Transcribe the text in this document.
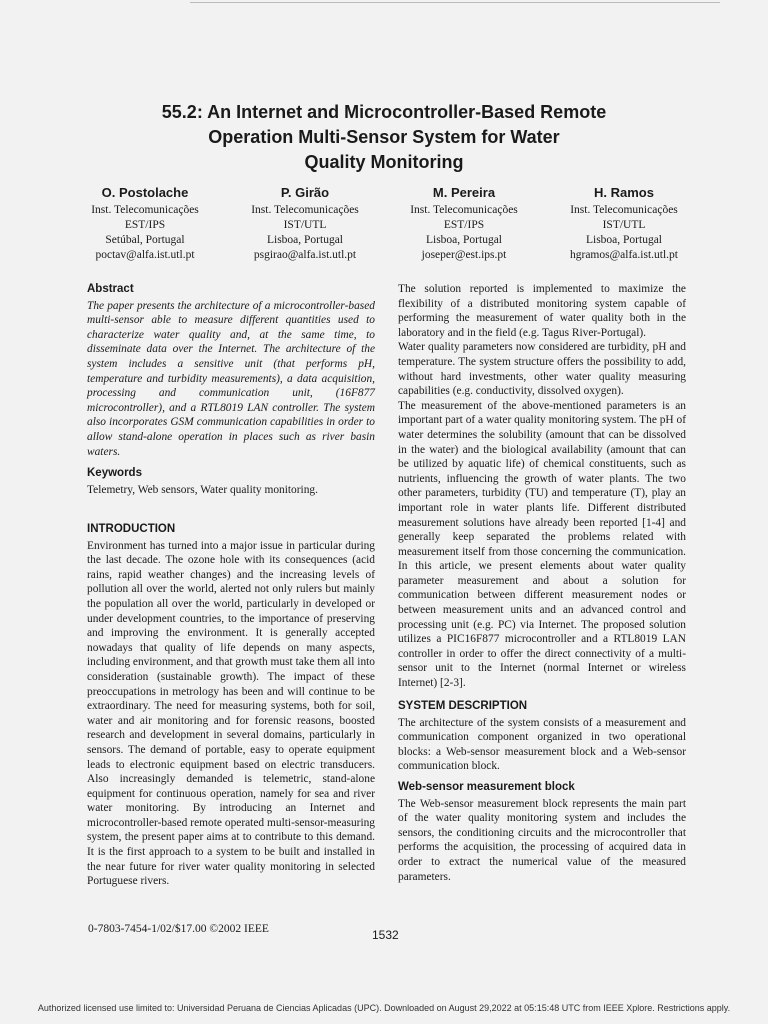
55.2: An Internet and Microcontroller-Based Remote
Operation Multi-Sensor System for Water
Quality Monitoring
O. Postolache
Inst. Telecomunicações
EST/IPS
Setúbal, Portugal
poctav@alfa.ist.utl.pt
P. Girão
Inst. Telecomunicações
IST/UTL
Lisboa, Portugal
psgirao@alfa.ist.utl.pt
M. Pereira
Inst. Telecomunicações
EST/IPS
Lisboa, Portugal
joseper@est.ips.pt
H. Ramos
Inst. Telecomunicações
IST/UTL
Lisboa, Portugal
hgramos@alfa.ist.utl.pt
Abstract

The paper presents the architecture of a microcontroller-based multi-sensor able to measure different quantities used to characterize water quality and, at the same time, to disseminate data over the Internet. The architecture of the system includes a sensitive unit (that performs pH, temperature and turbidity measurements), a data acquisition, processing and communication unit, (16F877 microcontroller), and a RTL8019 LAN controller. The system also incorporates GSM communication capabilities in order to allow stand-alone operation in places such as river basin waters.

Keywords

Telemetry, Web sensors, Water quality monitoring.

INTRODUCTION

Environment has turned into a major issue in particular during the last decade. The ozone hole with its consequences (acid rains, rapid weather changes) and the increasing levels of pollution all over the world, alerted not only rulers but mainly the population all over the world, particularly in developed or under development countries, to the importance of preserving and improving the environment. It is generally accepted nowadays that quality of life depends on many aspects, including environment, and that growth must take them all into consideration (sustainable growth). The impact of these preoccupations in metrology has been and will continue to be extraordinary. The need for measuring systems, both for soil, water and air monitoring and for forensic reasons, boosted research and development in several domains, particularly in sensors. The demand of portable, easy to operate equipment leads to electronic equipment based on electric transducers. Also increasingly demanded is telemetric, stand-alone equipment for continuous operation, namely for sea and river water monitoring. By introducing an Internet and microcontroller-based remote operated multi-sensor-measuring system, the present paper aims at to contribute to this demand. It is the first approach to a system to be built and installed in the near future for river water quality monitoring in selected Portuguese rivers.

The solution reported is implemented to maximize the flexibility of a distributed monitoring system capable of performing the measurement of water quality both in the laboratory and in the field (e.g. Tagus River-Portugal).

Water quality parameters now considered are turbidity, pH and temperature. The system structure offers the possibility to add, without hard investments, other water quality measuring capabilities (e.g. conductivity, dissolved oxygen).

The measurement of the above-mentioned parameters is an important part of a water quality monitoring system. The pH of water determines the solubility (amount that can be dissolved in the water) and the biological availability (amount that can be utilized by aquatic life) of chemical constituents, such as nutrients, influencing the growth of water plants. The two other parameters, turbidity (TU) and temperature (T), play an important role in water plants life. Different distributed measurement solutions have already been reported [1-4] and generally keep separated the problems related with measurement itself from those concerning the communication. In this article, we present elements about water quality parameter measurement and about a solution for communication between different measurement nodes or between measurement units and an advanced control and processing unit (e.g. PC) via Internet. The proposed solution utilizes a PIC16F877 microcontroller and a RTL8019 LAN controller in order to offer the direct connectivity of a multi-sensor unit to the Internet (normal Internet or wireless Internet) [2-3].

SYSTEM DESCRIPTION

The architecture of the system consists of a measurement and communication component organized in two operational blocks: a Web-sensor measurement block and a Web-sensor communication block.

Web-sensor measurement block

The Web-sensor measurement block represents the main part of the water quality monitoring system and includes the sensors, the conditioning circuits and the microcontroller that performs the acquisition, the processing of acquired data in order to extract the numerical value of the measured parameters.

0-7803-7454-1/02/$17.00 ©2002 IEEE	1532
Authorized licensed use limited to: Universidad Peruana de Ciencias Aplicadas (UPC). Downloaded on August 29,2022 at 05:15:48 UTC from IEEE Xplore. Restrictions apply.
